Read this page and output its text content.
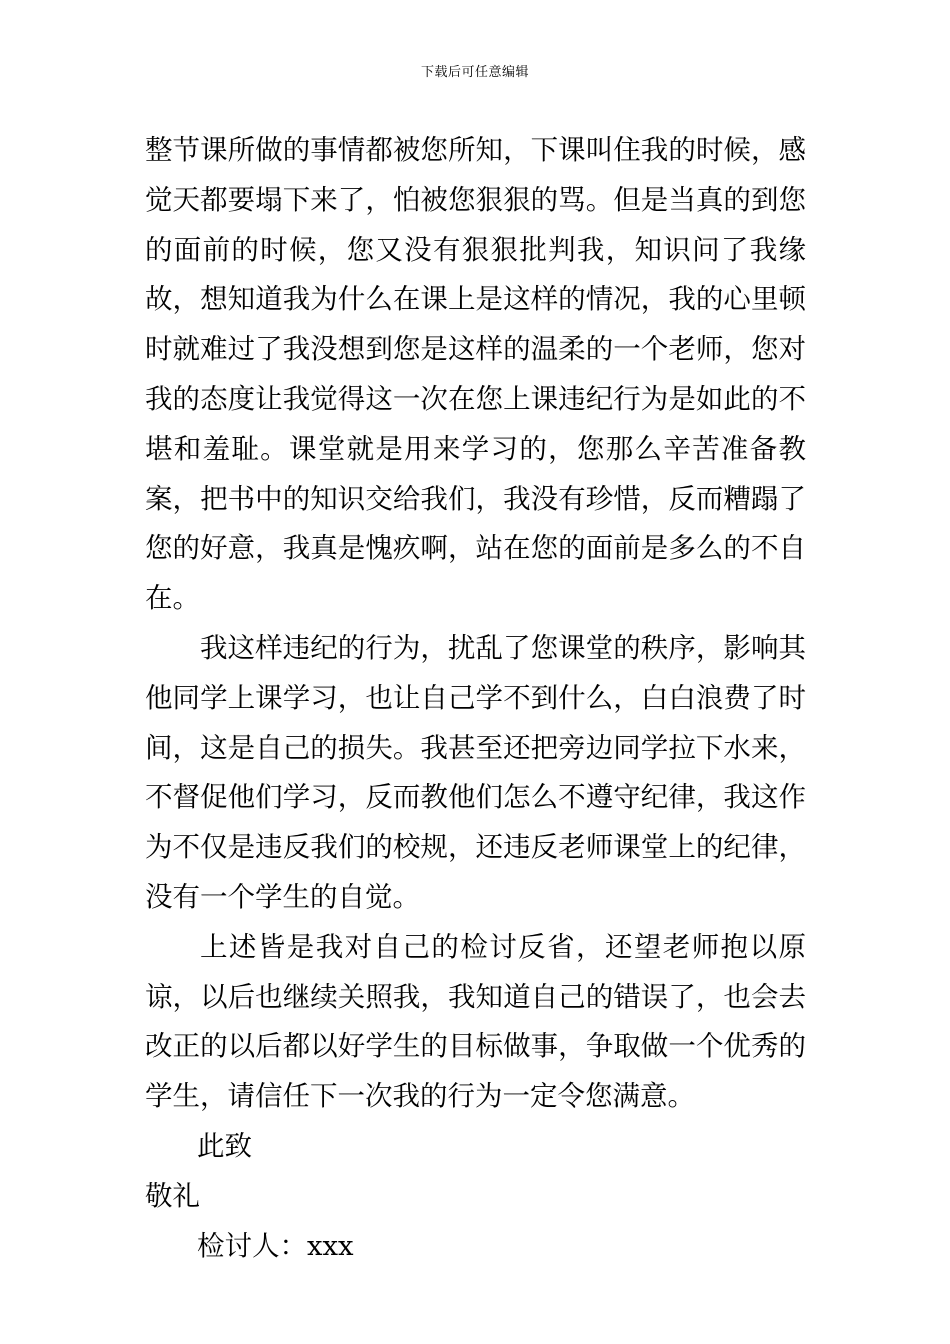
下载后可任意编辑

整节课所做的事情都被您所知，下课叫住我的时候，感觉天都要塌下来了，怕被您狠狠的骂。但是当真的到您的面前的时候，您又没有狠狠批判我，知识问了我缘故，想知道我为什么在课上是这样的情况，我的心里顿时就难过了我没想到您是这样的温柔的一个老师，您对我的态度让我觉得这一次在您上课违纪行为是如此的不堪和羞耻。课堂就是用来学习的，您那么辛苦准备教案，把书中的知识交给我们，我没有珍惜，反而糟蹋了您的好意，我真是愧疚啊，站在您的面前是多么的不自在。

我这样违纪的行为，扰乱了您课堂的秩序，影响其他同学上课学习，也让自己学不到什么，白白浪费了时间，这是自己的损失。我甚至还把旁边同学拉下水来，不督促他们学习，反而教他们怎么不遵守纪律，我这作为不仅是违反我们的校规，还违反老师课堂上的纪律，没有一个学生的自觉。

上述皆是我对自己的检讨反省，还望老师抱以原谅，以后也继续关照我，我知道自己的错误了，也会去改正的以后都以好学生的目标做事，争取做一个优秀的学生，请信任下一次我的行为一定令您满意。

此致

敬礼

检讨人：xxx
